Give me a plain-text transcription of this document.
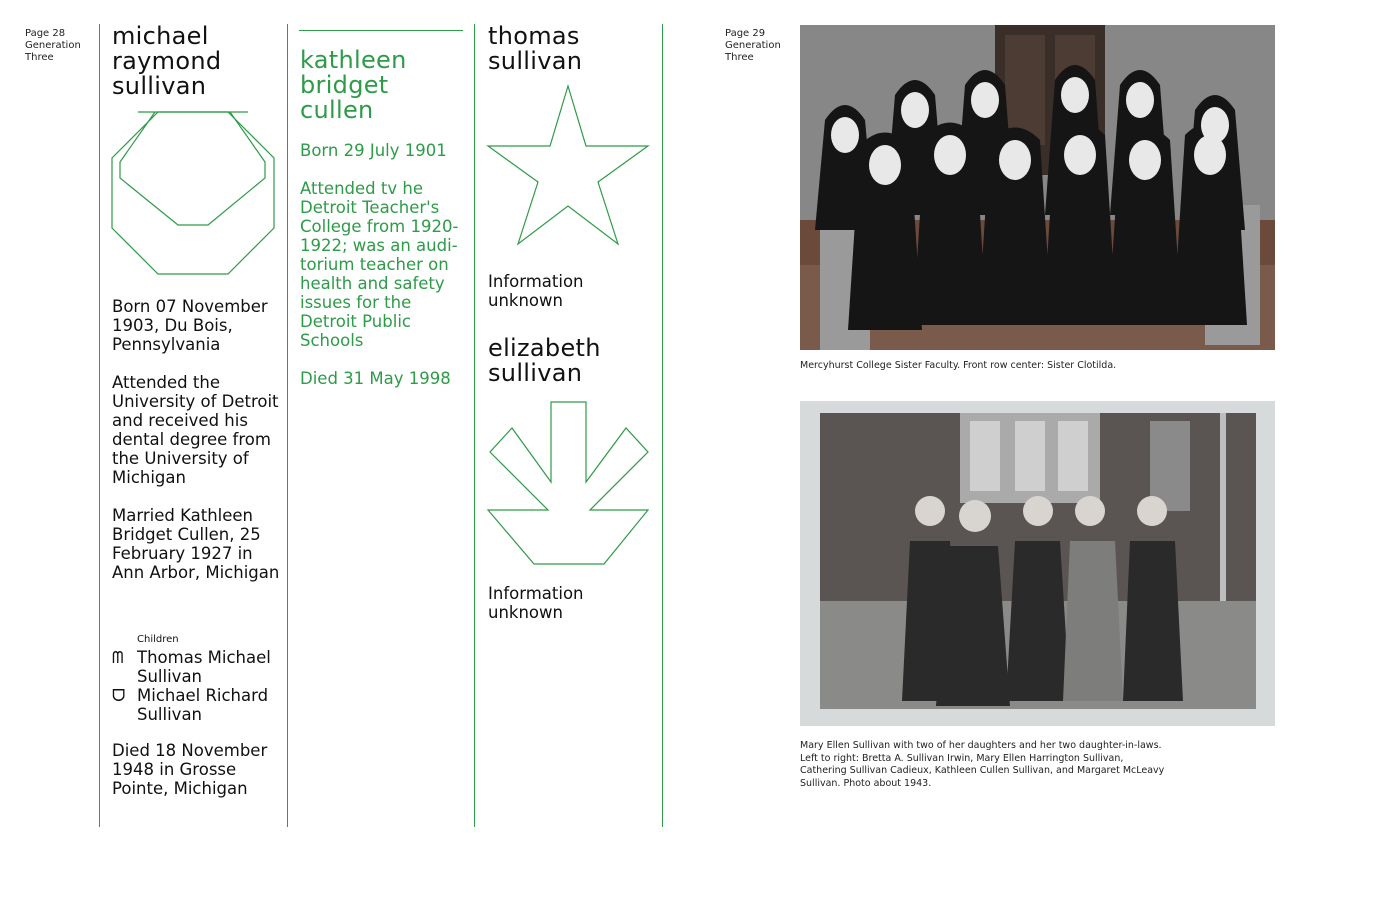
Page 28
Generation
Three
michael
raymond
sullivan

Born 07 November 1903, Du Bois, Pennsylvania

Attended the University of Detroit and received his dental degree from the University of Michigan

Married Kathleen Bridget Cullen, 25 February 1927 in Ann Arbor, Michigan

Children
ᗰ Thomas Michael Sullivan
ᗜ Michael Richard Sullivan
Died 18 November 1948 in Grosse Pointe, Michigan
kathleen
bridget
cullen

Born 29 July 1901

Attended tv he Detroit Teacher's College from 1920-1922; was an audi-torium teacher on health and safety issues for the Detroit Public Schools

Died 31 May 1998

thomas
sullivan
Information unknown
elizabeth
sullivan
Information unknown
Page 29
Generation
Three
Mercyhurst College Sister Faculty. Front row center: Sister Clotilda.
Mary Ellen Sullivan with two of her daughters and her two daughter-in-laws. Left to right: Bretta A. Sullivan Irwin, Mary Ellen Harrington Sullivan, Cathering Sullivan Cadieux, Kathleen Cullen Sullivan, and Margaret McLeavy Sullivan. Photo about 1943.
